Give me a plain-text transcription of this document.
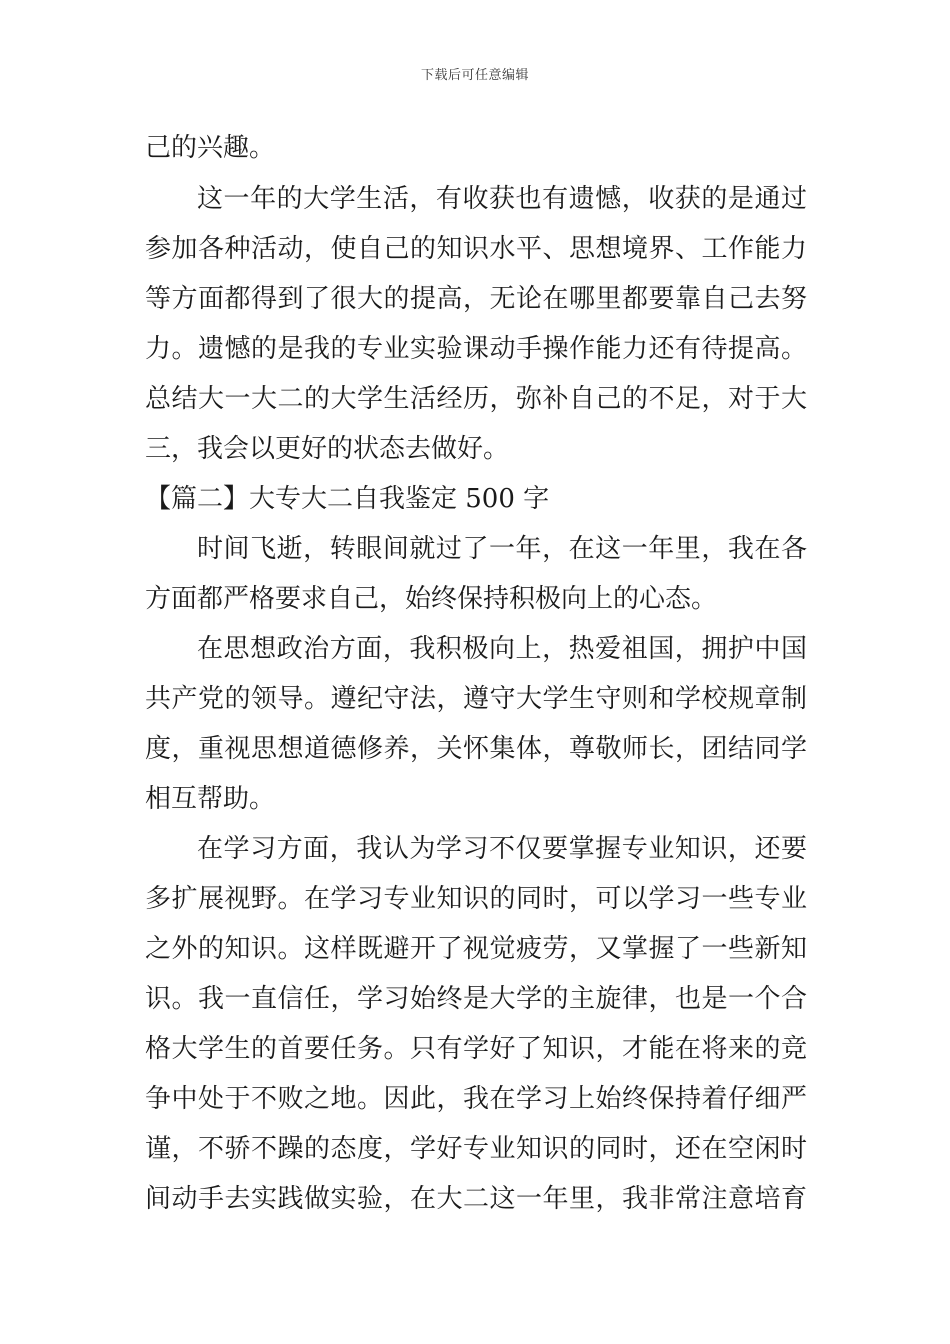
下载后可任意编辑
己的兴趣。
这一年的大学生活，有收获也有遗憾，收获的是通过
参加各种活动，使自己的知识水平、思想境界、工作能力
等方面都得到了很大的提高，无论在哪里都要靠自己去努
力。遗憾的是我的专业实验课动手操作能力还有待提高。
总结大一大二的大学生活经历，弥补自己的不足，对于大
三，我会以更好的状态去做好。
【篇二】大专大二自我鉴定 500 字
时间飞逝，转眼间就过了一年，在这一年里，我在各
方面都严格要求自己，始终保持积极向上的心态。
在思想政治方面，我积极向上，热爱祖国，拥护中国
共产党的领导。遵纪守法，遵守大学生守则和学校规章制
度，重视思想道德修养，关怀集体，尊敬师长，团结同学
相互帮助。
在学习方面，我认为学习不仅要掌握专业知识，还要
多扩展视野。在学习专业知识的同时，可以学习一些专业
之外的知识。这样既避开了视觉疲劳，又掌握了一些新知
识。我一直信任，学习始终是大学的主旋律，也是一个合
格大学生的首要任务。只有学好了知识，才能在将来的竞
争中处于不败之地。因此，我在学习上始终保持着仔细严
谨，不骄不躁的态度，学好专业知识的同时，还在空闲时
间动手去实践做实验，在大二这一年里，我非常注意培育
